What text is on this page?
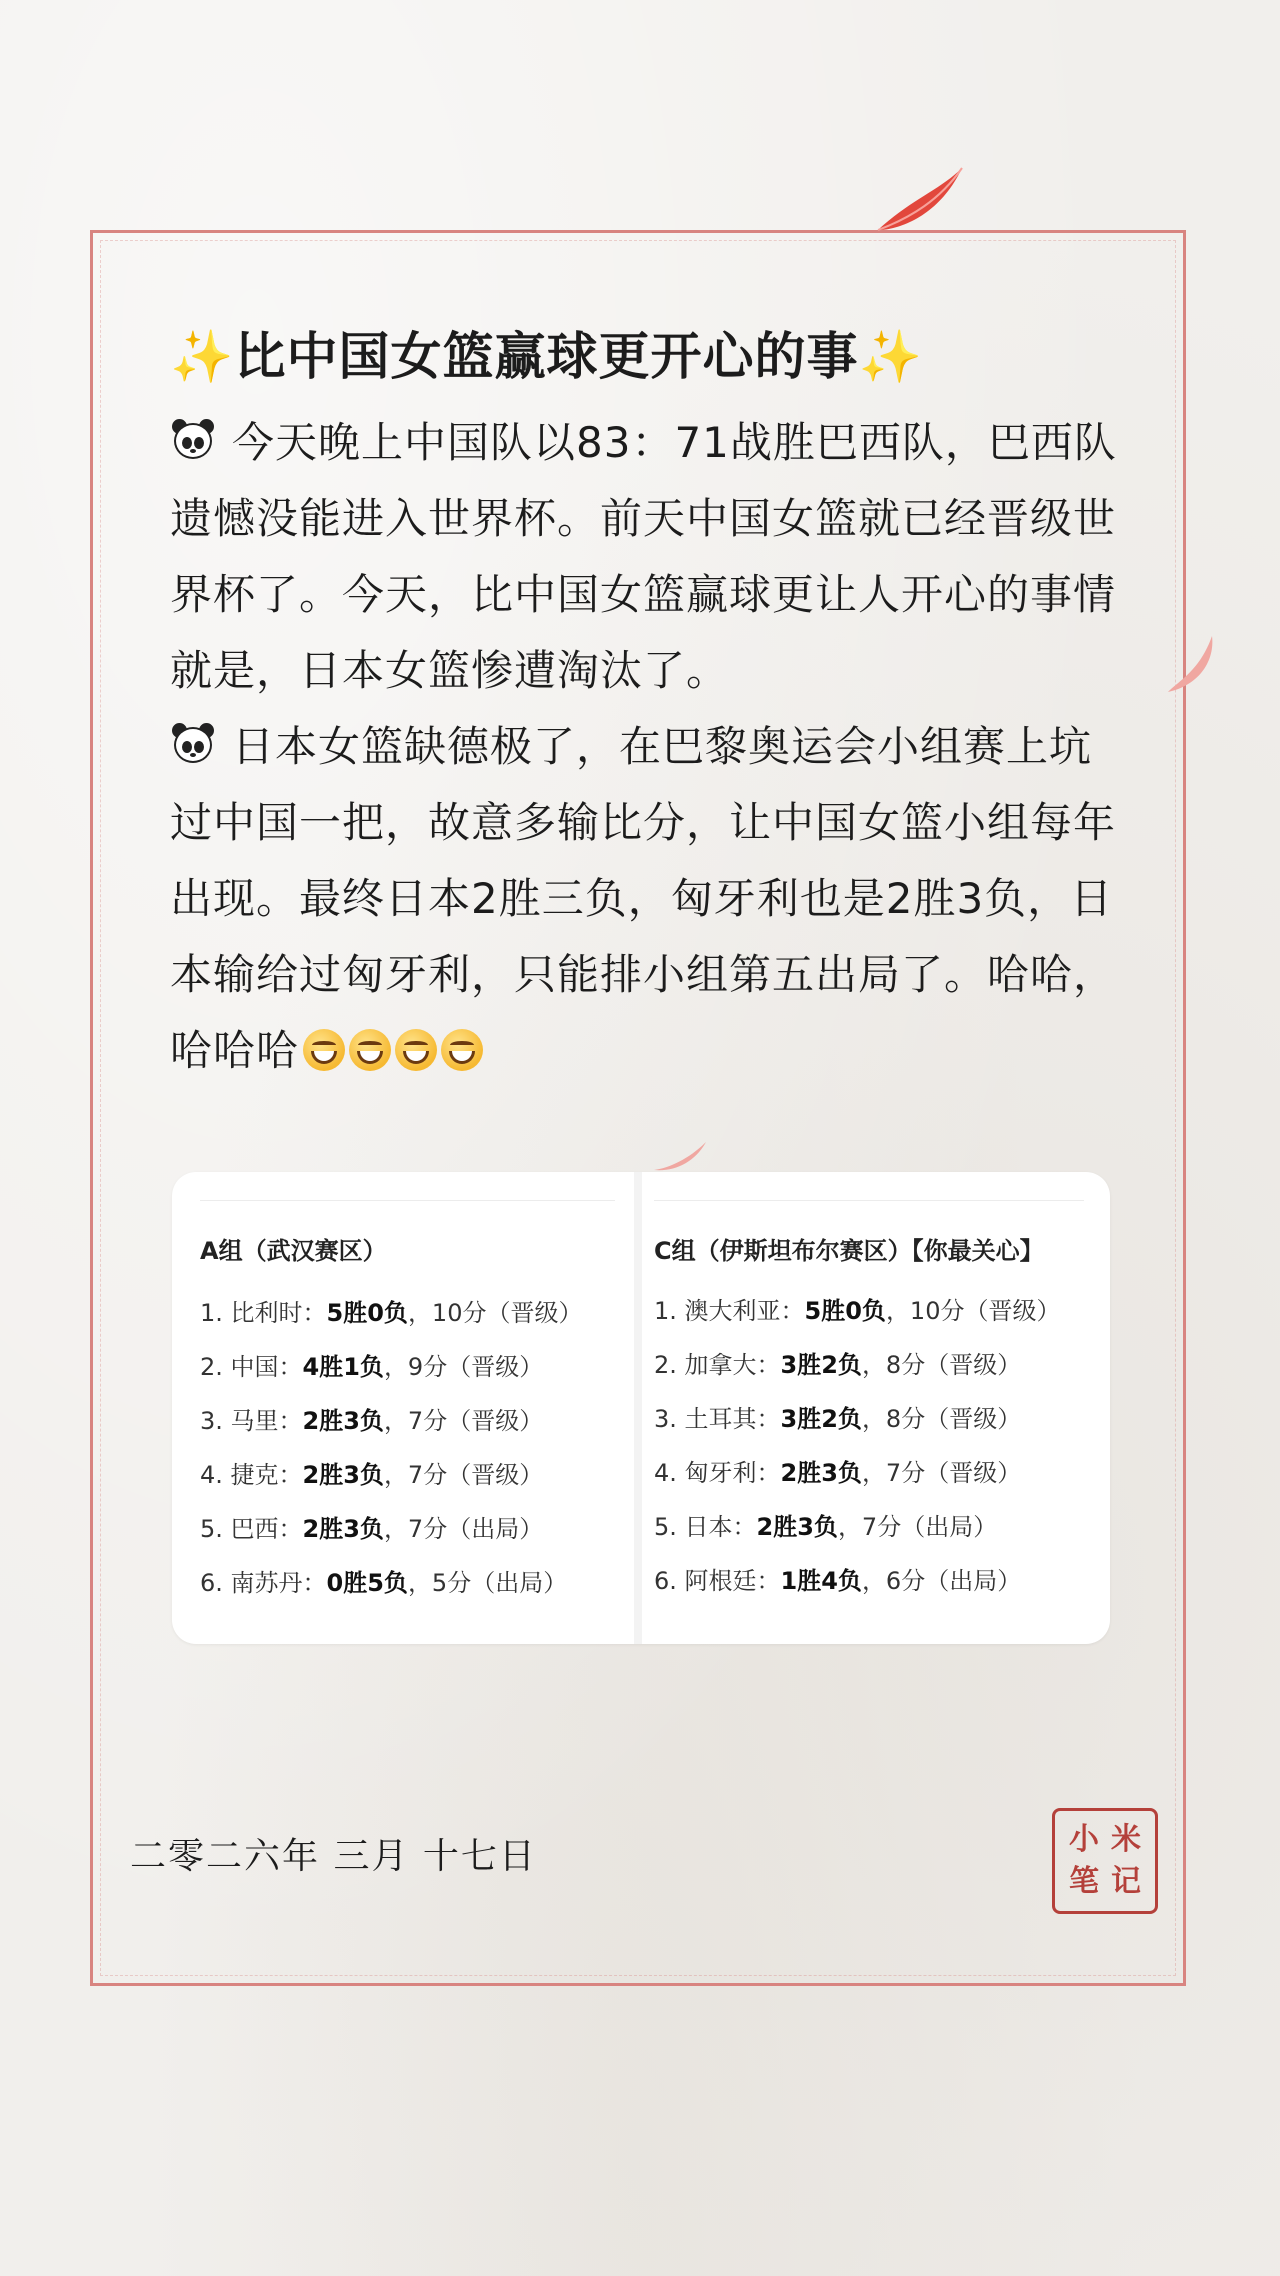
✨比中国女篮赢球更开心的事✨

今天晚上中国队以83：71战胜巴西队，巴西队遗憾没能进入世界杯。前天中国女篮就已经晋级世界杯了。今天，比中国女篮赢球更让人开心的事情就是，日本女篮惨遭淘汰了。

日本女篮缺德极了，在巴黎奥运会小组赛上坑过中国一把，故意多输比分，让中国女篮小组每年出现。最终日本2胜三负，匈牙利也是2胜3负，日本输给过匈牙利，只能排小组第五出局了。哈哈，哈哈哈

A组（武汉赛区）
1. 比利时：5胜0负，10分（晋级）
2. 中国：4胜1负，9分（晋级）
3. 马里：2胜3负，7分（晋级）
4. 捷克：2胜3负，7分（晋级）
5. 巴西：2胜3负，7分（出局）
6. 南苏丹：0胜5负，5分（出局）
C组（伊斯坦布尔赛区）【你最关心】
1. 澳大利亚：5胜0负，10分（晋级）
2. 加拿大：3胜2负，8分（晋级）
3. 土耳其：3胜2负，8分（晋级）
4. 匈牙利：2胜3负，7分（晋级）
5. 日本：2胜3负，7分（出局）
6. 阿根廷：1胜4负，6分（出局）
二零二六年 三月 十七日	小 米
笔 记
